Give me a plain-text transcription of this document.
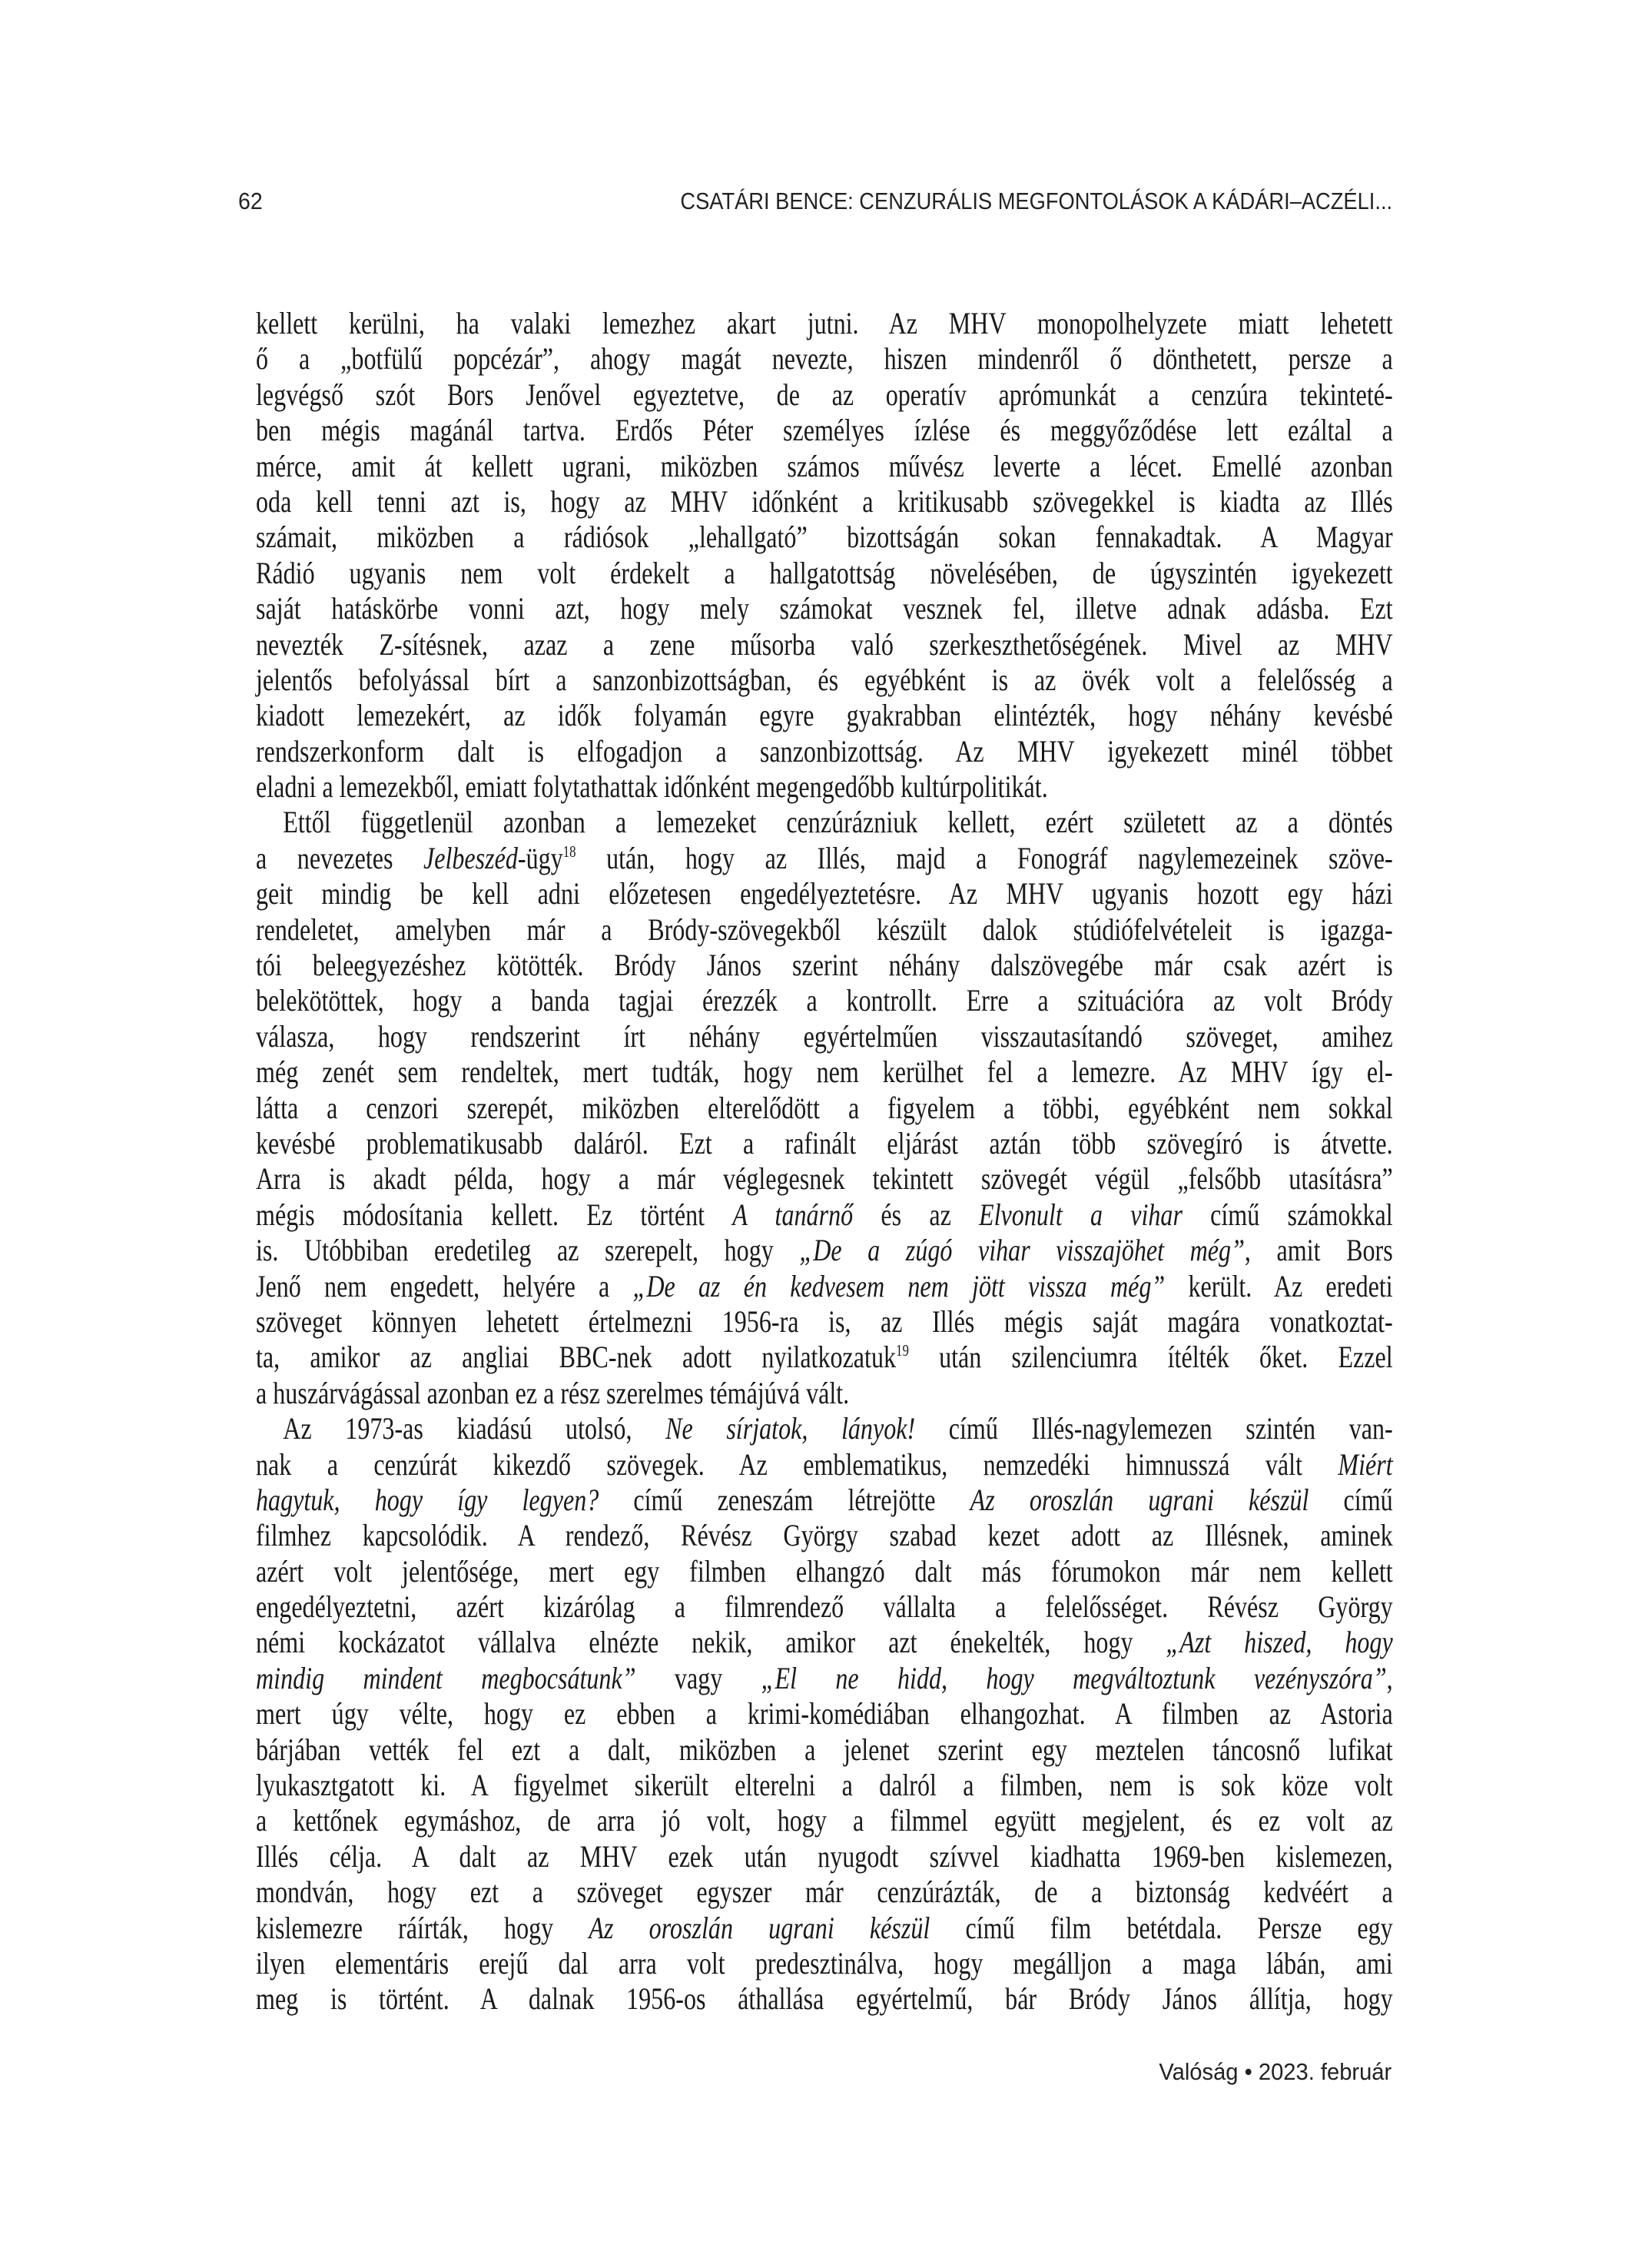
62	CSATÁRI BENCE: CENZURÁLIS MEGFONTOLÁSOK A KÁDÁRI–ACZÉLI...
kellett kerülni, ha valaki lemezhez akart jutni. Az MHV monopolhelyzete miatt lehetett
ő a „botfülű popcézár”, ahogy magát nevezte, hiszen mindenről ő dönthetett, persze a
legvégső szót Bors Jenővel egyeztetve, de az operatív aprómunkát a cenzúra tekinteté-
ben mégis magánál tartva. Erdős Péter személyes ízlése és meggyőződése lett ezáltal a
mérce, amit át kellett ugrani, miközben számos művész leverte a lécet. Emellé azonban
oda kell tenni azt is, hogy az MHV időnként a kritikusabb szövegekkel is kiadta az Illés
számait, miközben a rádiósok „lehallgató” bizottságán sokan fennakadtak. A Magyar
Rádió ugyanis nem volt érdekelt a hallgatottság növelésében, de úgyszintén igyekezett
saját hatáskörbe vonni azt, hogy mely számokat vesznek fel, illetve adnak adásba. Ezt
nevezték Z-sítésnek, azaz a zene műsorba való szerkeszthetőségének. Mivel az MHV
jelentős befolyással bírt a sanzonbizottságban, és egyébként is az övék volt a felelősség a
kiadott lemezekért, az idők folyamán egyre gyakrabban elintézték, hogy néhány kevésbé
rendszerkonform dalt is elfogadjon a sanzonbizottság. Az MHV igyekezett minél többet
eladni a lemezekből, emiatt folytathattak időnként megengedőbb kultúrpolitikát.
Ettől függetlenül azonban a lemezeket cenzúrázniuk kellett, ezért született az a döntés
a nevezetes Jelbeszéd-ügy$^{18}$ után, hogy az Illés, majd a Fonográf nagylemezeinek szöve-
geit mindig be kell adni előzetesen engedélyeztetésre. Az MHV ugyanis hozott egy házi
rendeletet, amelyben már a Bródy-szövegekből készült dalok stúdiófelvételeit is igazga-
tói beleegyezéshez kötötték. Bródy János szerint néhány dalszövegébe már csak azért is
belekötöttek, hogy a banda tagjai érezzék a kontrollt. Erre a szituációra az volt Bródy
válasza, hogy rendszerint írt néhány egyértelműen visszautasítandó szöveget, amihez
még zenét sem rendeltek, mert tudták, hogy nem kerülhet fel a lemezre. Az MHV így el-
látta a cenzori szerepét, miközben elterelődött a figyelem a többi, egyébként nem sokkal
kevésbé problematikusabb daláról. Ezt a rafinált eljárást aztán több szövegíró is átvette.
Arra is akadt példa, hogy a már véglegesnek tekintett szövegét végül „felsőbb utasításra”
mégis módosítania kellett. Ez történt A tanárnő és az Elvonult a vihar című számokkal
is. Utóbbiban eredetileg az szerepelt, hogy „De a zúgó vihar visszajöhet még”, amit Bors
Jenő nem engedett, helyére a „De az én kedvesem nem jött vissza még” került. Az eredeti
szöveget könnyen lehetett értelmezni 1956-ra is, az Illés mégis saját magára vonatkoztat-
ta, amikor az angliai BBC-nek adott nyilatkozatuk$^{19}$ után szilenciumra ítélték őket. Ezzel
a huszárvágással azonban ez a rész szerelmes témájúvá vált.
Az 1973-as kiadású utolsó, Ne sírjatok, lányok! című Illés-nagylemezen szintén van-
nak a cenzúrát kikezdő szövegek. Az emblematikus, nemzedéki himnusszá vált Miért
hagytuk, hogy így legyen? című zeneszám létrejötte Az oroszlán ugrani készül című
filmhez kapcsolódik. A rendező, Révész György szabad kezet adott az Illésnek, aminek
azért volt jelentősége, mert egy filmben elhangzó dalt más fórumokon már nem kellett
engedélyeztetni, azért kizárólag a filmrendező vállalta a felelősséget. Révész György
némi kockázatot vállalva elnézte nekik, amikor azt énekelték, hogy „Azt hiszed, hogy
mindig mindent megbocsátunk” vagy „El ne hidd, hogy megváltoztunk vezényszóra”,
mert úgy vélte, hogy ez ebben a krimi-komédiában elhangozhat. A filmben az Astoria
bárjában vették fel ezt a dalt, miközben a jelenet szerint egy meztelen táncosnő lufikat
lyukasztgatott ki. A figyelmet sikerült elterelni a dalról a filmben, nem is sok köze volt
a kettőnek egymáshoz, de arra jó volt, hogy a filmmel együtt megjelent, és ez volt az
Illés célja. A dalt az MHV ezek után nyugodt szívvel kiadhatta 1969-ben kislemezen,
mondván, hogy ezt a szöveget egyszer már cenzúrázták, de a biztonság kedvéért a
kislemezre ráírták, hogy Az oroszlán ugrani készül című film betétdala. Persze egy
ilyen elementáris erejű dal arra volt predesztinálva, hogy megálljon a maga lábán, ami
meg is történt. A dalnak 1956-os áthallása egyértelmű, bár Bródy János állítja, hogy
Valóság • 2023. február
